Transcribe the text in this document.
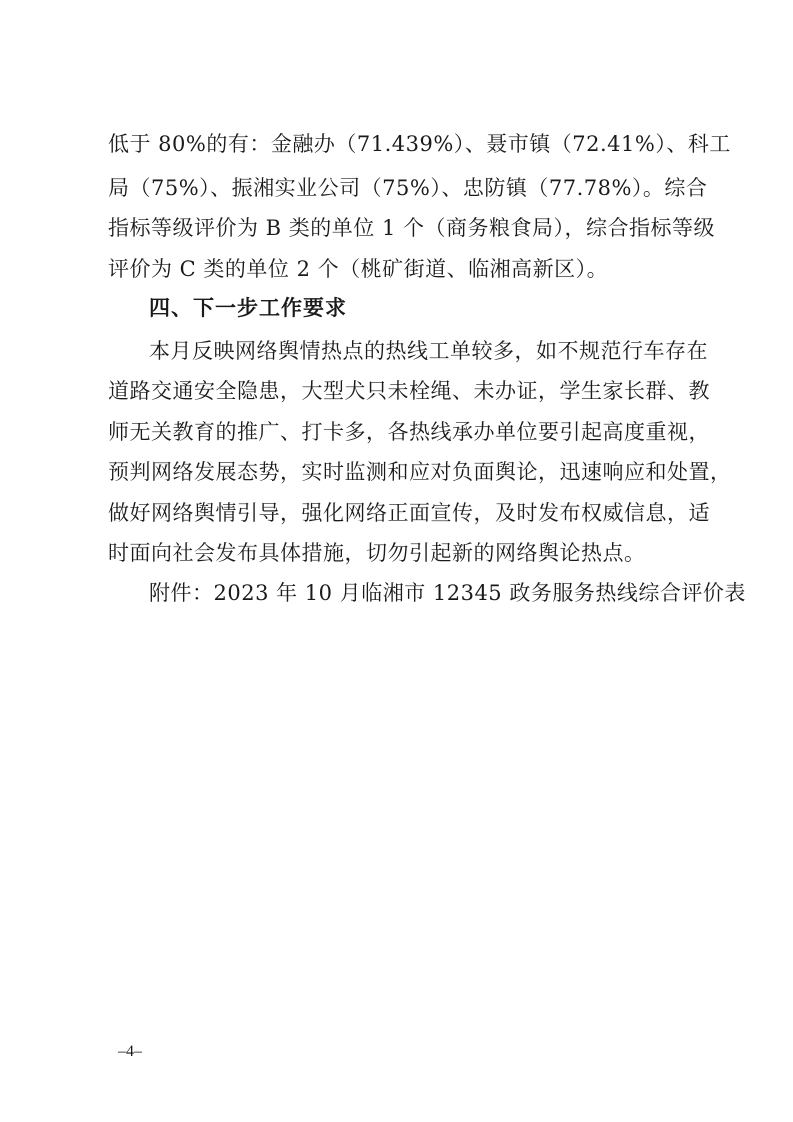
低于 80%的有：金融办（71.439%）、聂市镇（72.41%）、科工
局（75%）、振湘实业公司（75%）、忠防镇（77.78%）。综合
指标等级评价为 B 类的单位 1 个（商务粮食局），综合指标等级
评价为 C 类的单位 2 个（桃矿街道、临湘高新区）。
四、下一步工作要求
本月反映网络舆情热点的热线工单较多，如不规范行车存在
道路交通安全隐患，大型犬只未栓绳、未办证，学生家长群、教
师无关教育的推广、打卡多，各热线承办单位要引起高度重视，
预判网络发展态势，实时监测和应对负面舆论，迅速响应和处置，
做好网络舆情引导，强化网络正面宣传，及时发布权威信息，适
时面向社会发布具体措施，切勿引起新的网络舆论热点。
附件：2023 年 10 月临湘市 12345 政务服务热线综合评价表
–4–
